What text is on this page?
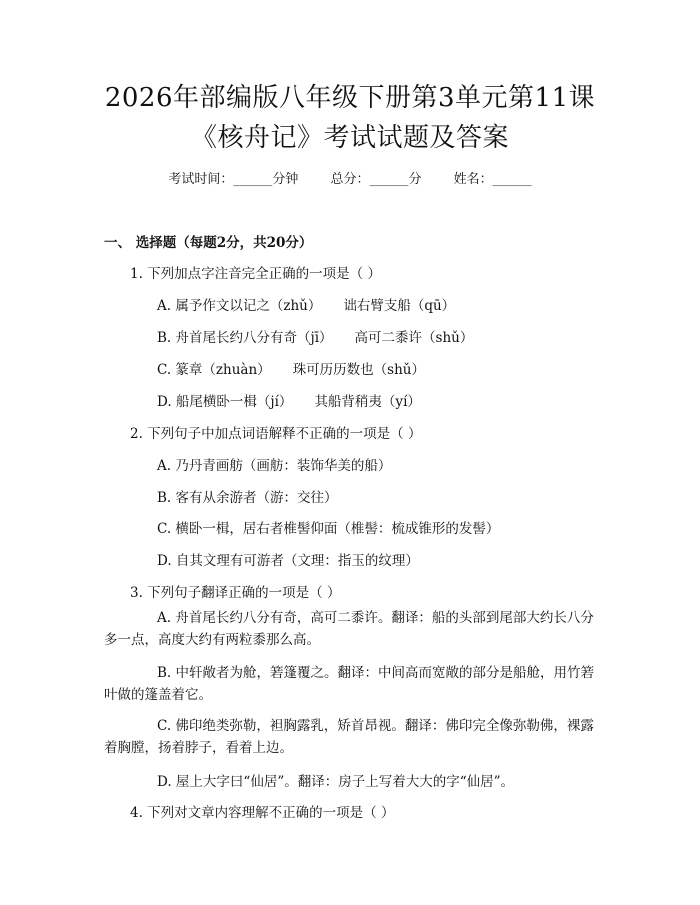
2026年部编版八年级下册第3单元第11课
《核舟记》考试试题及答案
考试时间：______分钟 总分：______分 姓名：______
一、 选择题（每题2分，共20分）
1. 下列加点字注音完全正确的一项是（ ）
A. 属予作文以记之（zhǔ） 诎右臂支船（qū）
B. 舟首尾长约八分有奇（jī） 高可二黍许（shǔ）
C. 篆章（zhuàn） 珠可历历数也（shǔ）
D. 船尾横卧一楫（jí） 其船背稍夷（yí）
2. 下列句子中加点词语解释不正确的一项是（ ）
A. 乃丹青画舫（画舫：装饰华美的船）
B. 客有从余游者（游：交往）
C. 横卧一楫，居右者椎髻仰面（椎髻：梳成锥形的发髻）
D. 自其文理有可游者（文理：指玉的纹理）
3. 下列句子翻译正确的一项是（ ）
A. 舟首尾长约八分有奇，高可二黍许。翻译：船的头部到尾部大约长八分多一点，高度大约有两粒黍那么高。
B. 中轩敞者为舱，箬篷覆之。翻译：中间高而宽敞的部分是船舱，用竹箬叶做的篷盖着它。
C. 佛印绝类弥勒，袒胸露乳，矫首昂视。翻译：佛印完全像弥勒佛，裸露着胸膛，扬着脖子，看着上边。
D. 屋上大字曰“仙居”。翻译：房子上写着大大的字“仙居”。
4. 下列对文章内容理解不正确的一项是（ ）
